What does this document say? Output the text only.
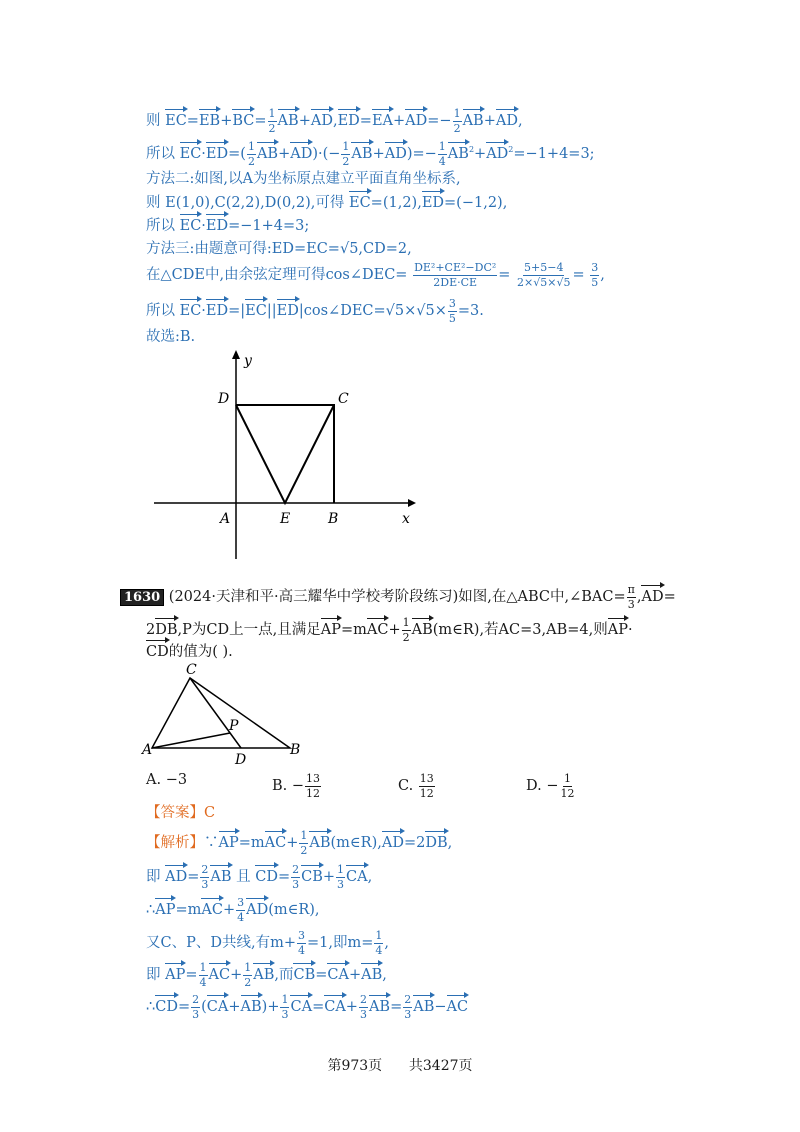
则 $EC=EB+BC= \frac{1}{2} AB+AD,ED=EA+AD=- \frac{1}{2} AB+AD$,
所以 $EC\cdot ED=( \frac{1}{2} AB+AD)\cdot(- \frac{1}{2} AB+AD)=- \frac{1}{4} AB^2+AD^2=-1+4=3$;
方法二:如图,以A为坐标原点建立平面直角坐标系,
则 E(1,0),C(2,2),D(0,2),可得 EC=(1,2),ED=(−1,2),
所以 EC·ED=−1+4=3;
方法三:由题意可得:ED=EC=√5,CD=2,
在△CDE中,由余弦定理可得cos∠DEC= $\frac{\text{DE²+CE²−DC²}}{2DE\cdot CE} = \frac{5+5-4}{2\times√5\times√5} = \frac{3}{5}$ ,
所以 EC·ED=|EC||ED|cos∠DEC=√5×√5× $\frac{3}{5} =3$.
故选:B.
D	C
A	E	B	x
y
1630 (2024·天津和平·高三耀华中学校考阶段练习)如图,在△ABC中,∠BAC= $\frac{\pi}{3} ,AD=$
2DB,P为CD上一点,且满足$AP=mAC+ \frac{1}{2}$ AB(m∈R),若AC=3,AB=4,则AP·
CD的值为( ).
C
P
A
D
B
A. −3	B. − $\frac{13}{12}$	C. $\frac{13}{12}$	D. − $\frac{1}{12}$
【答案】C
【解析】∵AP=mAC+ $\frac{1}{2}$ AB(m∈R),AD=2DB,
即 $AD= \frac{2}{3}$ AB 且 $CD= \frac{2}{3} CB+ \frac{1}{3}$ CA,
∴AP=mAC+ $\frac{3}{4}$ AD(m∈R),
又C、P、D共线,有$m+ \frac{3}{4} =1$,即$m= \frac{1}{4}$ ,
即 $AP= \frac{1}{4} AC+ \frac{1}{2}$ AB,而CB=CA+AB,
∴CD= $\frac{2}{3} (CA+AB)+ \frac{1}{3} CA=CA+ \frac{2}{3} AB= \frac{2}{3} AB-AC$
第973页 共3427页
